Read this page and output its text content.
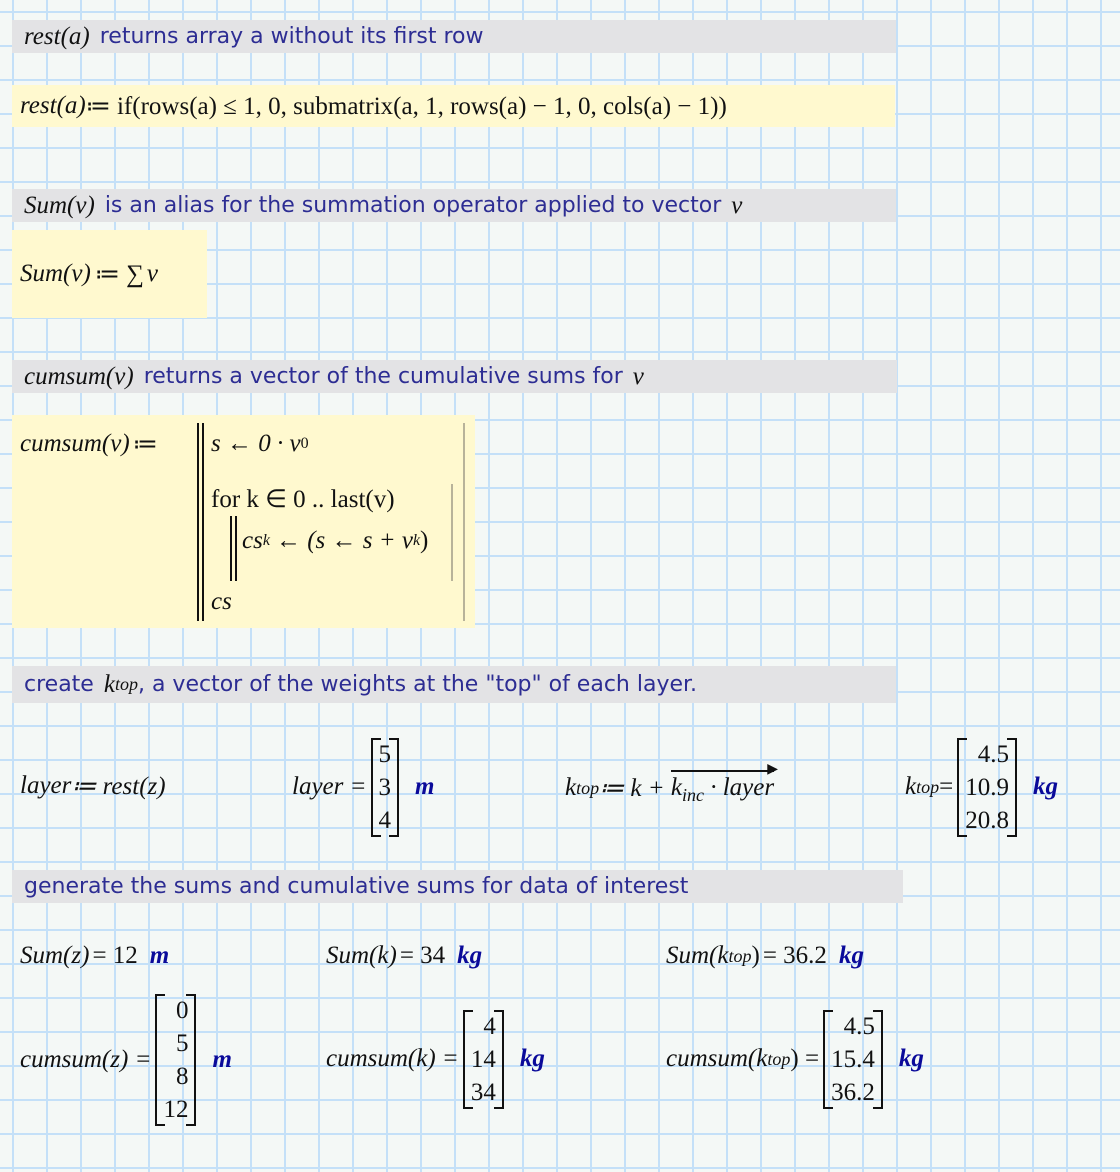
rest(a) returns array a without its first row
rest(a) ≔ if(rows(a) ≤ 1, 0, submatrix(a, 1, rows(a) − 1, 0, cols(a) − 1))
Sum(v) is an alias for the summation operator applied to vector v
Sum(v) ≔ ∑ v
cumsum(v) returns a vector of the cumulative sums for v
cumsum(v) ≔ s ← 0 · v 0
for k ∈ 0 .. last(v)
cs k ← (s ← s + v k )
cs
create k top , a vector of the weights at the "top" of each layer.
layer ≔ rest(z)	layer =
5
3
4
m	k top ≔ $k + k_{inc}$ · layer
▶
k top =
4.5
10.9
20.8
kg
generate the sums and cumulative sums for data of interest
Sum(z) = 12 m	Sum(k) = 34 kg	Sum(k top ) = 36.2 kg
cumsum(z) =
0
5
8
12
m	cumsum(k) =
4
14
34
kg	cumsum(k top ) =
4.5
15.4
36.2
kg
